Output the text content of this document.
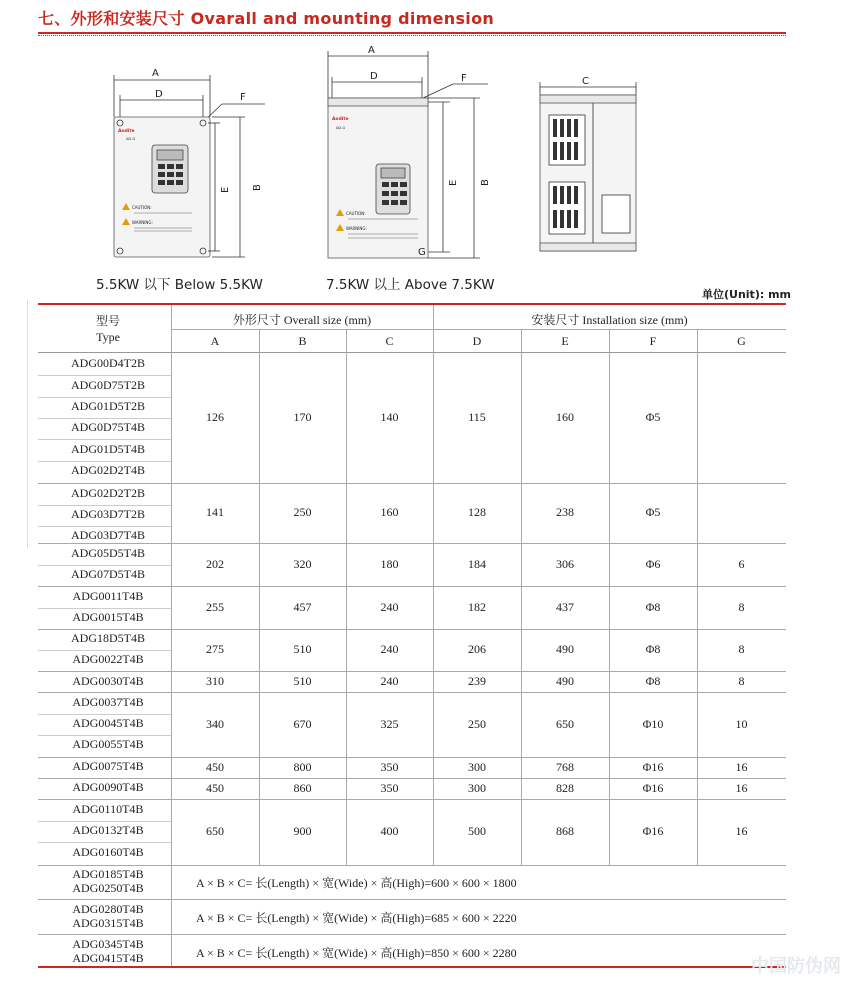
七、外形和安装尺寸 Ovarall and mounting dimension
A
D	F
E B
Aodite
AD-G
CAUTION:
WARNING:
5.5KW 以下 Below 5.5KW
A
D	F
E B
G
Aodite
AD-G
CAUTION:
WARNING:
7.5KW 以上 Above 7.5KW
C
单位(Unit): mm
型号
Type
外形尺寸 Overall size (mm)	安装尺寸 Installation size (mm)
A	B	C	D	E	F	G
ADG00D4T2B
ADG0D75T2B
ADG01D5T2B
ADG0D75T4B
ADG01D5T4B
ADG02D2T4B
126	170	140	115	160	Φ5
ADG02D2T2B
ADG03D7T2B
ADG03D7T4B
141	250	160	128	238	Φ5
ADG05D5T4B
ADG07D5T4B
202	320	180	184	306	Φ6	6
ADG0011T4B
ADG0015T4B
255	457	240	182	437	Φ8	8
ADG18D5T4B
ADG0022T4B
275	510	240	206	490	Φ8	8
ADG0030T4B	310	510	240	239	490	Φ8	8
ADG0037T4B
ADG0045T4B
ADG0055T4B
340	670	325	250	650	Φ10	10
ADG0075T4B	450	800	350	300	768	Φ16	16
ADG0090T4B	450	860	350	300	828	Φ16	16
ADG0110T4B
ADG0132T4B
ADG0160T4B
650	900	400	500	868	Φ16	16
ADG0185T4B
ADG0250T4B	A × B × C= 长(Length) × 宽(Wide) × 高(High)=600 × 600 × 1800
ADG0280T4B
ADG0315T4B	A × B × C= 长(Length) × 宽(Wide) × 高(High)=685 × 600 × 2220
ADG0345T4B
ADG0415T4B	A × B × C= 长(Length) × 宽(Wide) × 高(High)=850 × 600 × 2280
中国防伪网
